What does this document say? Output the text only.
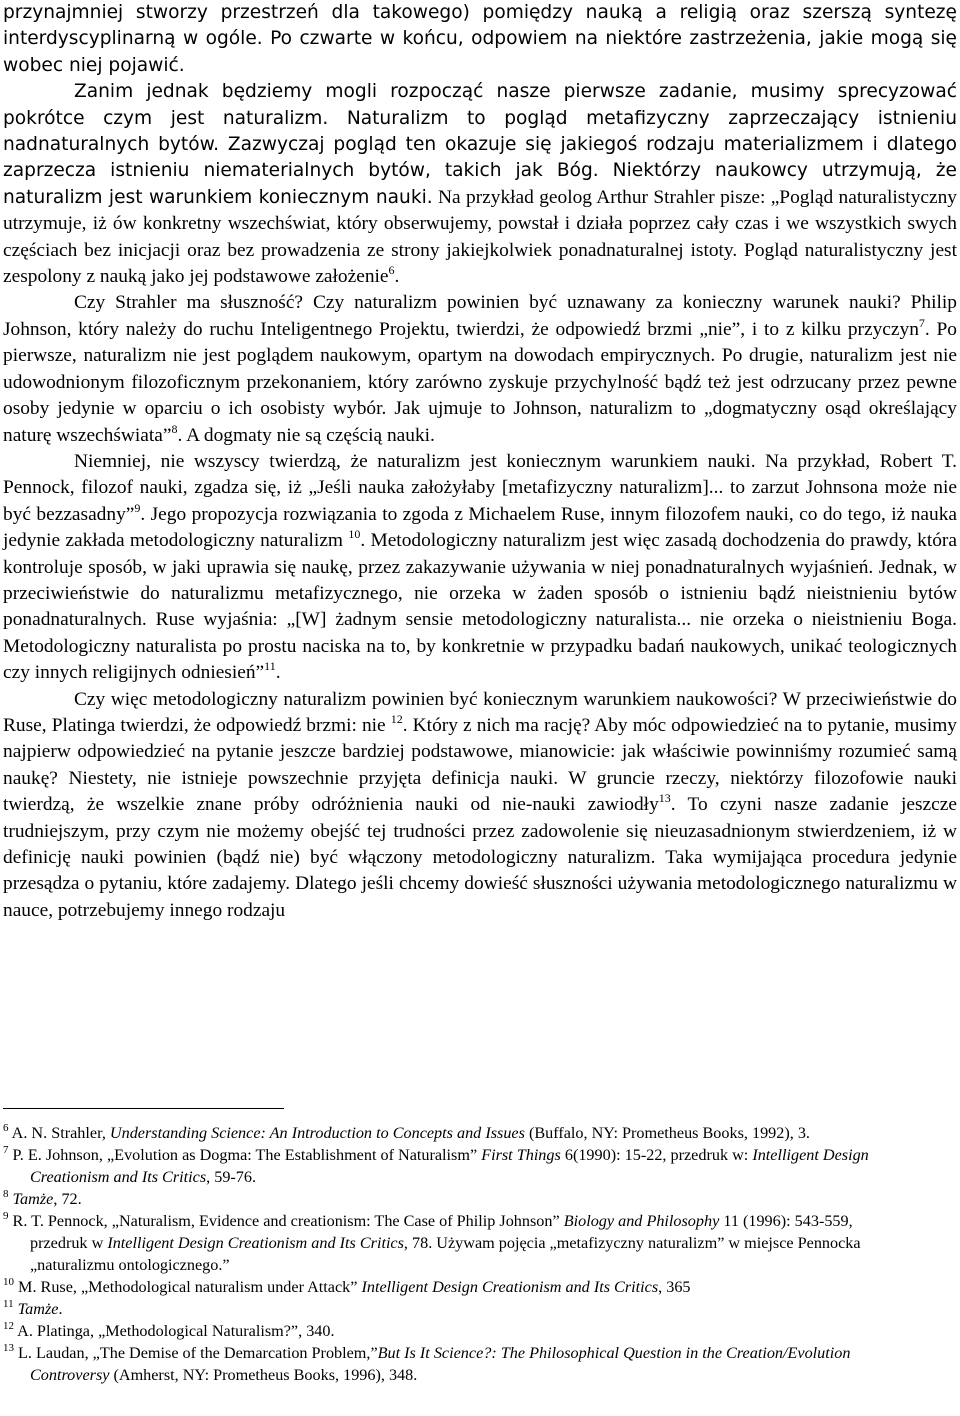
przynajmniej stworzy przestrzeń dla takowego) pomiędzy nauką a religią oraz szerszą syntezę interdyscyplinarną w ogóle. Po czwarte w końcu, odpowiem na niektóre zastrzeżenia, jakie mogą się wobec niej pojawić.

Zanim jednak będziemy mogli rozpocząć nasze pierwsze zadanie, musimy sprecyzować pokrótce czym jest naturalizm. Naturalizm to pogląd metafizyczny zaprzeczający istnieniu nadnaturalnych bytów. Zazwyczaj pogląd ten okazuje się jakiegoś rodzaju materializmem i dlatego zaprzecza istnieniu niematerialnych bytów, takich jak Bóg. Niektórzy naukowcy utrzymują, że naturalizm jest warunkiem koniecznym nauki. Na przykład geolog Arthur Strahler pisze: „Pogląd naturalistyczny utrzymuje, iż ów konkretny wszechświat, który obserwujemy, powstał i działa poprzez cały czas i we wszystkich swych częściach bez inicjacji oraz bez prowadzenia ze strony jakiejkolwiek ponadnaturalnej istoty. Pogląd naturalistyczny jest zespolony z nauką jako jej podstawowe założenie$^6$.

Czy Strahler ma słuszność? Czy naturalizm powinien być uznawany za konieczny warunek nauki? Philip Johnson, który należy do ruchu Inteligentnego Projektu, twierdzi, że odpowiedź brzmi „nie”, i to z kilku przyczyn$^7$. Po pierwsze, naturalizm nie jest poglądem naukowym, opartym na dowodach empirycznych. Po drugie, naturalizm jest nie udowodnionym filozoficznym przekonaniem, który zarówno zyskuje przychylność bądź też jest odrzucany przez pewne osoby jedynie w oparciu o ich osobisty wybór. Jak ujmuje to Johnson, naturalizm to „dogmatyczny osąd określający naturę wszechświata”$^8$. A dogmaty nie są częścią nauki.

Niemniej, nie wszyscy twierdzą, że naturalizm jest koniecznym warunkiem nauki. Na przykład, Robert T. Pennock, filozof nauki, zgadza się, iż „Jeśli nauka założyłaby [metafizyczny naturalizm]... to zarzut Johnsona może nie być bezzasadny”$^9$. Jego propozycja rozwiązania to zgoda z Michaelem Ruse, innym filozofem nauki, co do tego, iż nauka jedynie zakłada metodologiczny naturalizm $^{10}$. Metodologiczny naturalizm jest więc zasadą dochodzenia do prawdy, która kontroluje sposób, w jaki uprawia się naukę, przez zakazywanie używania w niej ponadnaturalnych wyjaśnień. Jednak, w przeciwieństwie do naturalizmu metafizycznego, nie orzeka w żaden sposób o istnieniu bądź nieistnieniu bytów ponadnaturalnych. Ruse wyjaśnia: „[W] żadnym sensie metodologiczny naturalista... nie orzeka o nieistnieniu Boga. Metodologiczny naturalista po prostu naciska na to, by konkretnie w przypadku badań naukowych, unikać teologicznych czy innych religijnych odniesień”$^{11}$.

Czy więc metodologiczny naturalizm powinien być koniecznym warunkiem naukowości? W przeciwieństwie do Ruse, Platinga twierdzi, że odpowiedź brzmi: nie $^{12}$. Który z nich ma rację? Aby móc odpowiedzieć na to pytanie, musimy najpierw odpowiedzieć na pytanie jeszcze bardziej podstawowe, mianowicie: jak właściwie powinniśmy rozumieć samą naukę? Niestety, nie istnieje powszechnie przyjęta definicja nauki. W gruncie rzeczy, niektórzy filozofowie nauki twierdzą, że wszelkie znane próby odróżnienia nauki od nie-nauki zawiodły$^{13}$. To czyni nasze zadanie jeszcze trudniejszym, przy czym nie możemy obejść tej trudności przez zadowolenie się nieuzasadnionym stwierdzeniem, iż w definicję nauki powinien (bądź nie) być włączony metodologiczny naturalizm. Taka wymijająca procedura jedynie przesądza o pytaniu, które zadajemy. Dlatego jeśli chcemy dowieść słuszności używania metodologicznego naturalizmu w nauce, potrzebujemy innego rodzaju

$^6$ A. N. Strahler, Understanding Science: An Introduction to Concepts and Issues (Buffalo, NY: Prometheus Books, 1992), 3.

$^7$ P. E. Johnson, „Evolution as Dogma: The Establishment of Naturalism” First Things 6(1990): 15-22, przedruk w: Intelligent Design Creationism and Its Critics, 59-76.

$^8$ Tamże, 72.

$^9$ R. T. Pennock, „Naturalism, Evidence and creationism: The Case of Philip Johnson” Biology and Philosophy 11 (1996): 543-559, przedruk w Intelligent Design Creationism and Its Critics, 78. Używam pojęcia „metafizyczny naturalizm” w miejsce Pennocka „naturalizmu ontologicznego.”

$^{10}$ M. Ruse, „Methodological naturalism under Attack” Intelligent Design Creationism and Its Critics, 365

$^{11}$ Tamże.

$^{12}$ A. Platinga, „Methodological Naturalism?”, 340.

$^{13}$ L. Laudan, „The Demise of the Demarcation Problem,”But Is It Science?: The Philosophical Question in the Creation/Evolution Controversy (Amherst, NY: Prometheus Books, 1996), 348.
